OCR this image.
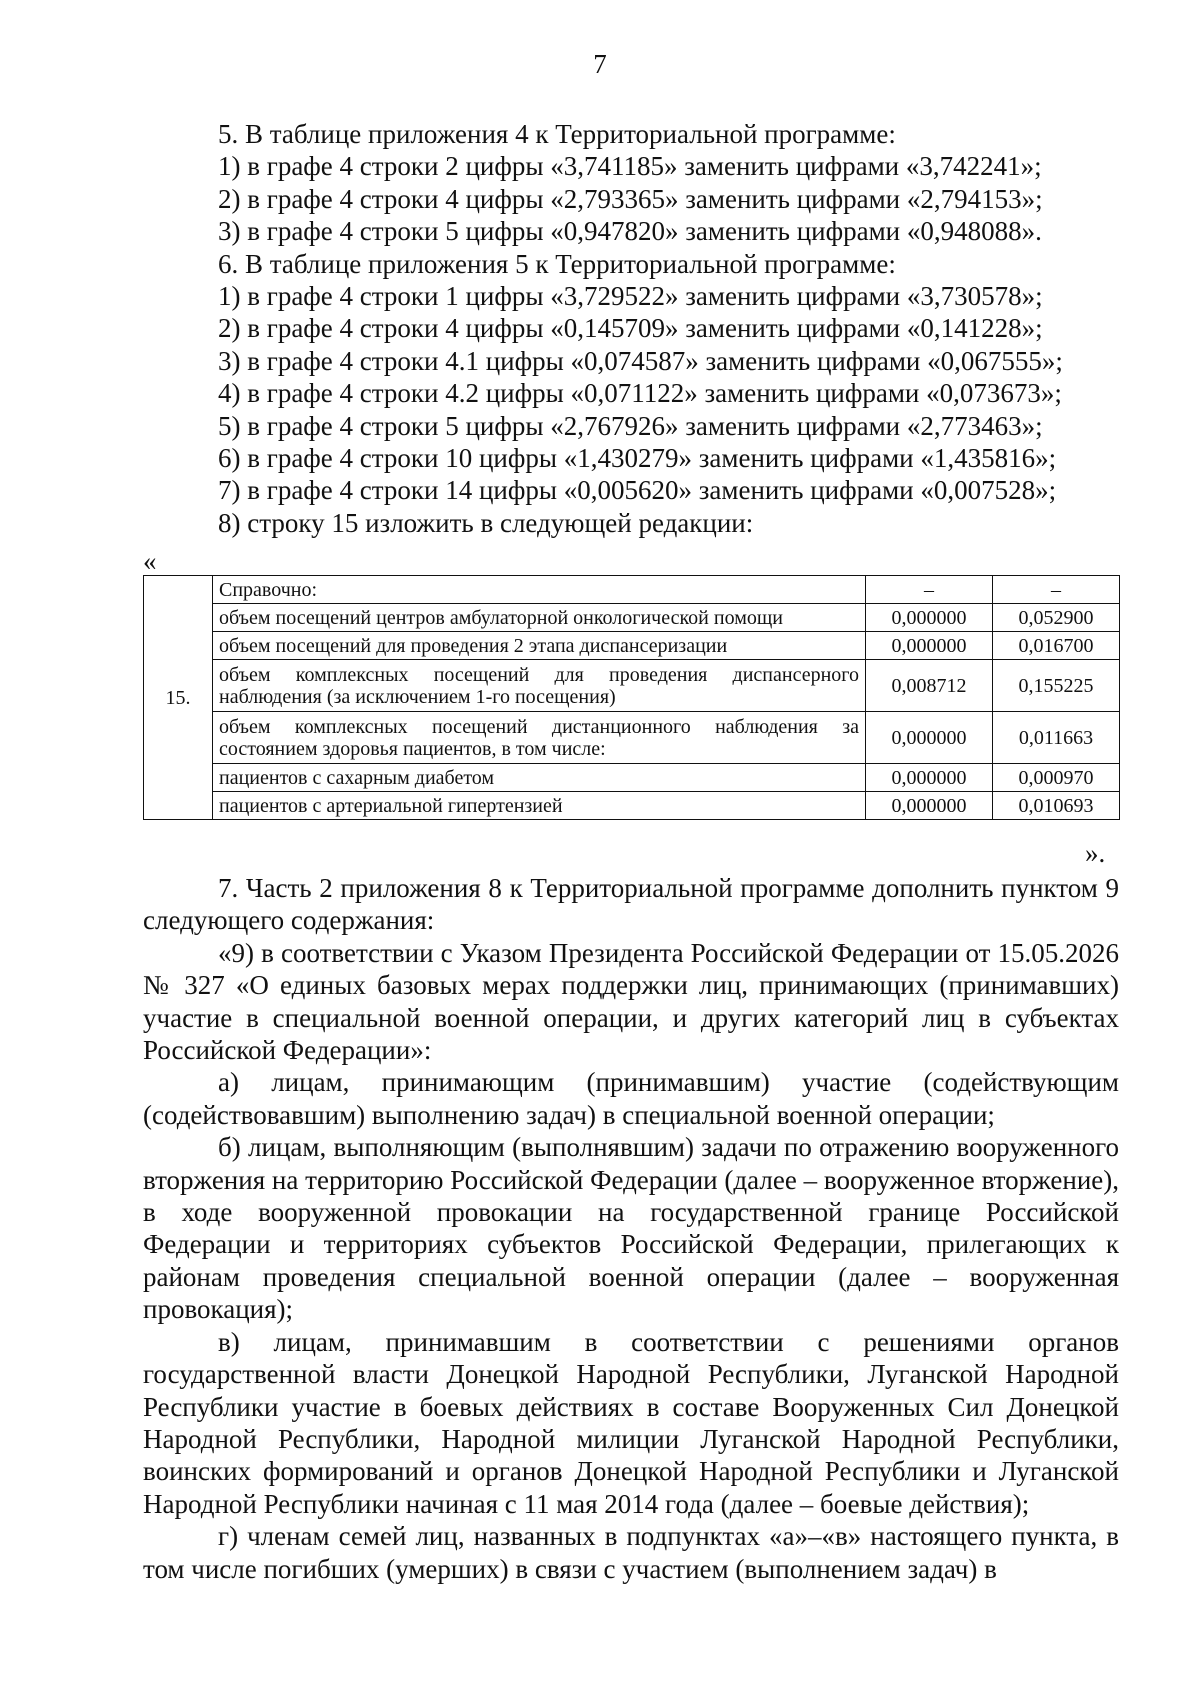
7
5. В таблице приложения 4 к Территориальной программе:
1) в графе 4 строки 2 цифры «3,741185» заменить цифрами «3,742241»;
2) в графе 4 строки 4 цифры «2,793365» заменить цифрами «2,794153»;
3) в графе 4 строки 5 цифры «0,947820» заменить цифрами «0,948088».
6. В таблице приложения 5 к Территориальной программе:
1) в графе 4 строки 1 цифры «3,729522» заменить цифрами «3,730578»;
2) в графе 4 строки 4 цифры «0,145709» заменить цифрами «0,141228»;
3) в графе 4 строки 4.1 цифры «0,074587» заменить цифрами «0,067555»;
4) в графе 4 строки 4.2 цифры «0,071122» заменить цифрами «0,073673»;
5) в графе 4 строки 5 цифры «2,767926» заменить цифрами «2,773463»;
6) в графе 4 строки 10 цифры «1,430279» заменить цифрами «1,435816»;
7) в графе 4 строки 14 цифры «0,005620» заменить цифрами «0,007528»;
8) строку 15 изложить в следующей редакции:
«
15.	Справочно:	–	–
	объем посещений центров амбулаторной онкологической помощи	0,000000	0,052900
	объем посещений для проведения 2 этапа диспансеризации	0,000000	0,016700
	объем комплексных посещений для проведения диспансерного наблюдения (за исключением 1-го посещения)	0,008712	0,155225
	объем комплексных посещений дистанционного наблюдения за состоянием здоровья пациентов, в том числе:	0,000000	0,011663
	пациентов с сахарным диабетом	0,000000	0,000970
	пациентов с артериальной гипертензией	0,000000	0,010693
».

7. Часть 2 приложения 8 к Территориальной программе дополнить пунктом 9 следующего содержания:

«9) в соответствии с Указом Президента Российской Федерации от 15.05.2026 № 327 «О единых базовых мерах поддержки лиц, принимающих (принимавших) участие в специальной военной операции, и других категорий лиц в субъектах Российской Федерации»:

а) лицам, принимающим (принимавшим) участие (содействующим (содействовавшим) выполнению задач) в специальной военной операции;

б) лицам, выполняющим (выполнявшим) задачи по отражению вооруженного вторжения на территорию Российской Федерации (далее – вооруженное вторжение), в ходе вооруженной провокации на государственной границе Российской Федерации и территориях субъектов Российской Федерации, прилегающих к районам проведения специальной военной операции (далее – вооруженная провокация);

в) лицам, принимавшим в соответствии с решениями органов государственной власти Донецкой Народной Республики, Луганской Народной Республики участие в боевых действиях в составе Вооруженных Сил Донецкой Народной Республики, Народной милиции Луганской Народной Республики, воинских формирований и органов Донецкой Народной Республики и Луганской Народной Республики начиная с 11 мая 2014 года (далее – боевые действия);

г) членам семей лиц, названных в подпунктах «а»–«в» настоящего пункта, в том числе погибших (умерших) в связи с участием (выполнением задач) в
